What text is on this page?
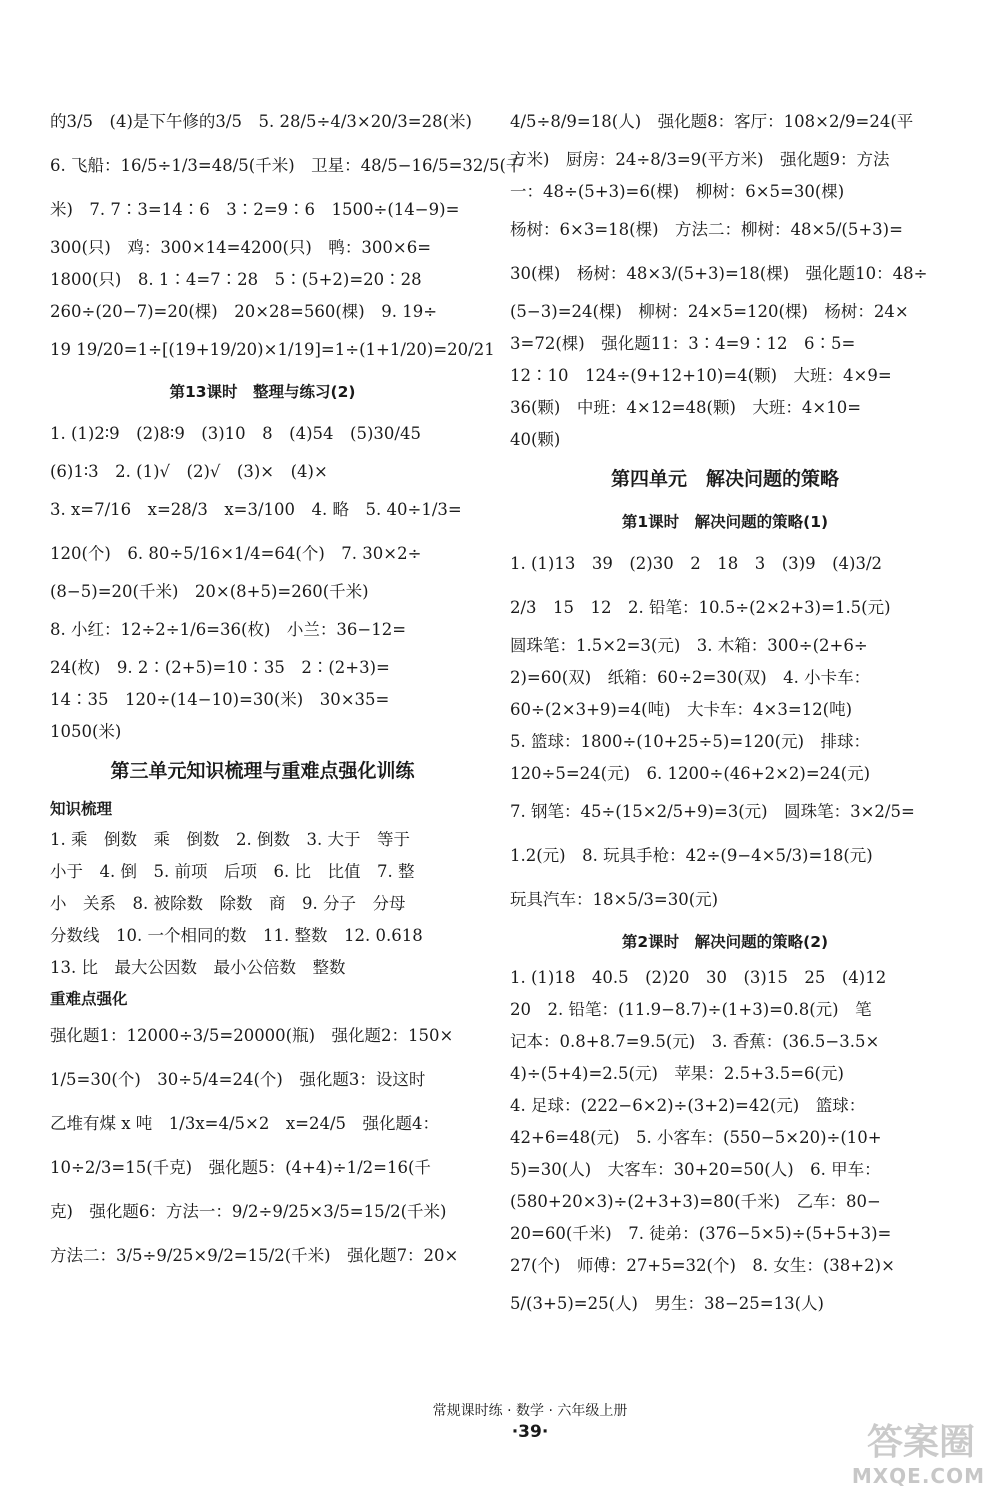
的3/5　(4)是下午修的3/5　5. 28/5÷4/3×20/3=28(米)
6. 飞船：16/5÷1/3=48/5(千米)　卫星：48/5−16/5=32/5(千
米)　7. 7∶3=14∶6　3∶2=9∶6　1500÷(14−9)=
300(只)　鸡：300×14=4200(只)　鸭：300×6=
1800(只)　8. 1∶4=7∶28　5∶(5+2)=20∶28
260÷(20−7)=20(棵)　20×28=560(棵)　9. 19÷
19 19/20=1÷[(19+19/20)×1/19]=1÷(1+1/20)=20/21
第13课时　整理与练习(2)
1. (1)2∶9　(2)8∶9　(3)10　8　(4)54　(5)30/45
(6)1∶3　2. (1)√　(2)√　(3)×　(4)×
3. x=7/16　x=28/3　x=3/100　4. 略　5. 40÷1/3=
120(个)　6. 80÷5/16×1/4=64(个)　7. 30×2÷
(8−5)=20(千米)　20×(8+5)=260(千米)
8. 小红：12÷2÷1/6=36(枚)　小兰：36−12=
24(枚)　9. 2∶(2+5)=10∶35　2∶(2+3)=
14∶35　120÷(14−10)=30(米)　30×35=
1050(米)
第三单元知识梳理与重难点强化训练
知识梳理
1. 乘　倒数　乘　倒数　2. 倒数　3. 大于　等于
小于　4. 倒　5. 前项　后项　6. 比　比值　7. 整
小　关系　8. 被除数　除数　商　9. 分子　分母
分数线　10. 一个相同的数　11. 整数　12. 0.618
13. 比　最大公因数　最小公倍数　整数
重难点强化
强化题1：12000÷3/5=20000(瓶)　强化题2：150×
1/5=30(个)　30÷5/4=24(个)　强化题3：设这时
乙堆有煤 x 吨　1/3x=4/5×2　x=24/5　强化题4：
10÷2/3=15(千克)　强化题5：(4+4)÷1/2=16(千
克)　强化题6：方法一：9/2÷9/25×3/5=15/2(千米)
方法二：3/5÷9/25×9/2=15/2(千米)　强化题7：20×
4/5÷8/9=18(人)　强化题8：客厅：108×2/9=24(平
方米)　厨房：24÷8/3=9(平方米)　强化题9：方法
一：48÷(5+3)=6(棵)　柳树：6×5=30(棵)
杨树：6×3=18(棵)　方法二：柳树：48×5/(5+3)=
30(棵)　杨树：48×3/(5+3)=18(棵)　强化题10：48÷
(5−3)=24(棵)　柳树：24×5=120(棵)　杨树：24×
3=72(棵)　强化题11：3∶4=9∶12　6∶5=
12∶10　124÷(9+12+10)=4(颗)　大班：4×9=
36(颗)　中班：4×12=48(颗)　大班：4×10=
40(颗)
第四单元　解决问题的策略
第1课时　解决问题的策略(1)
1. (1)13　39　(2)30　2　18　3　(3)9　(4)3/2
2/3　15　12　2. 铅笔：10.5÷(2×2+3)=1.5(元)
圆珠笔：1.5×2=3(元)　3. 木箱：300÷(2+6÷
2)=60(双)　纸箱：60÷2=30(双)　4. 小卡车：
60÷(2×3+9)=4(吨)　大卡车：4×3=12(吨)
5. 篮球：1800÷(10+25÷5)=120(元)　排球：
120÷5=24(元)　6. 1200÷(46+2×2)=24(元)
7. 钢笔：45÷(15×2/5+9)=3(元)　圆珠笔：3×2/5=
1.2(元)　8. 玩具手枪：42÷(9−4×5/3)=18(元)
玩具汽车：18×5/3=30(元)
第2课时　解决问题的策略(2)
1. (1)18　40.5　(2)20　30　(3)15　25　(4)12
20　2. 铅笔：(11.9−8.7)÷(1+3)=0.8(元)　笔
记本：0.8+8.7=9.5(元)　3. 香蕉：(36.5−3.5×
4)÷(5+4)=2.5(元)　苹果：2.5+3.5=6(元)
4. 足球：(222−6×2)÷(3+2)=42(元)　篮球：
42+6=48(元)　5. 小客车：(550−5×20)÷(10+
5)=30(人)　大客车：30+20=50(人)　6. 甲车：
(580+20×3)÷(2+3+3)=80(千米)　乙车：80−
20=60(千米)　7. 徒弟：(376−5×5)÷(5+5+3)=
27(个)　师傅：27+5=32(个)　8. 女生：(38+2)×
5/(3+5)=25(人)　男生：38−25=13(人)
常规课时练 · 数学 · 六年级上册
·39·	答案圈
MXQE.COM
